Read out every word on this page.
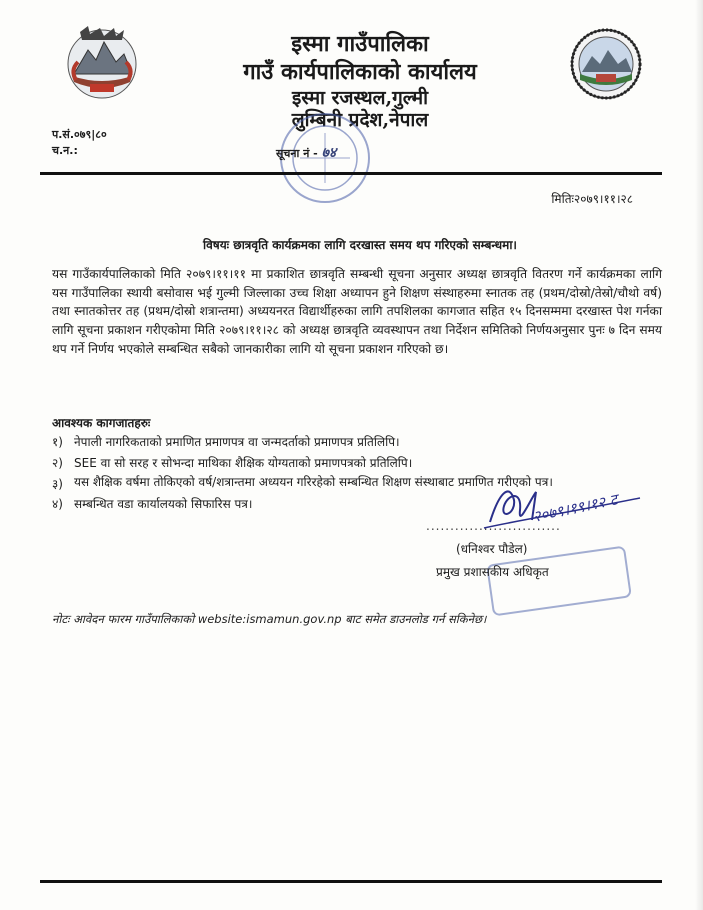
इस्मा गाउँपालिका
गाउँ कार्यपालिकाको कार्यालय
इस्मा रजस्थल,गुल्मी
लुम्बिनी प्रदेश,नेपाल
प.सं.०७९|८०
च.न.:	सूचना नं - ७४
मितिः२०७९।११।२८
विषयः छात्रवृति कार्यक्रमका लागि दरखास्त समय थप गरिएको सम्बन्धमा।
यस गाउँकार्यपालिकाको मिति २०७९।११।११ मा प्रकाशित छात्रवृति सम्बन्धी सूचना अनुसार अध्यक्ष छात्रवृति वितरण गर्ने कार्यक्रमका लागि यस गाउँपालिका स्थायी बसोवास भई गुल्मी जिल्लाका उच्च शिक्षा अध्यापन हुने शिक्षण संस्थाहरुमा स्नातक तह (प्रथम/दोस्रो/तेस्रो/चौथो वर्ष) तथा स्नातकोत्तर तह (प्रथम/दोस्रो शत्रान्तमा) अध्ययनरत विद्यार्थीहरुका लागि तपशिलका कागजात सहित १५ दिनसम्ममा दरखास्त पेश गर्नका लागि सूचना प्रकाशन गरीएकोमा मिति २०७९।११।२८ को अध्यक्ष छात्रवृति व्यवस्थापन तथा निर्देशन समितिको निर्णयअनुसार पुनः ७ दिन समय थप गर्ने निर्णय भएकोले सम्बन्धित सबैको जानकारीका लागि यो सूचना प्रकाशन गरिएको छ।
आवश्यक कागजातहरुः
१) नेपाली नागरिकताको प्रमाणित प्रमाणपत्र वा जन्मदर्ताको प्रमाणपत्र प्रतिलिपि।
२) SEE वा सो सरह र सोभन्दा माथिका शैक्षिक योग्यताको प्रमाणपत्रको प्रतिलिपि।
३) यस शैक्षिक वर्षमा तोकिएको वर्ष/शत्रान्तमा अध्ययन गरिरहेको सम्बन्धित शिक्षण संस्थाबाट प्रमाणित गरीएको पत्र।
४) सम्बन्धित वडा कार्यालयको सिफारिस पत्र।	२०७९।१९।१२ ट
............................
(धनिश्वर पौडेल)
प्रमुख प्रशासकीय अधिकृत
नोटः आवेदन फारम गाउँपालिकाको website:ismamun.gov.np बाट समेत डाउनलोड गर्न सकिनेछ।
